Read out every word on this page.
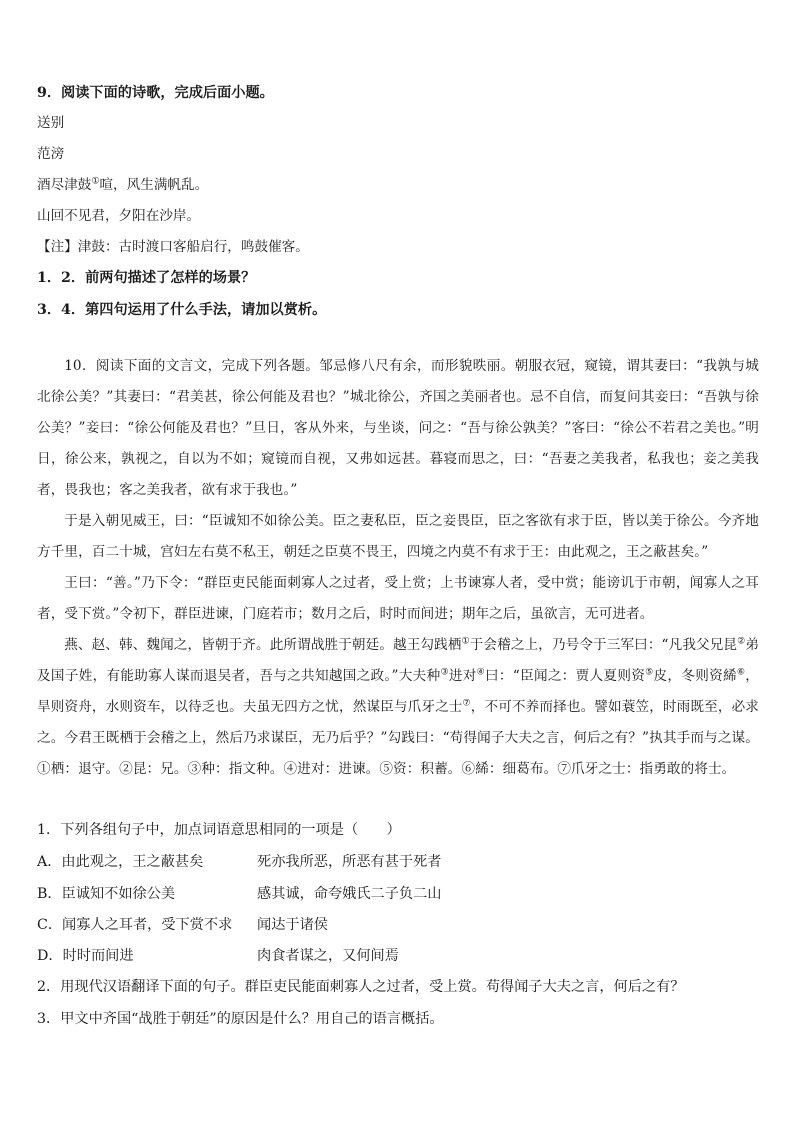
9．阅读下面的诗歌，完成后面小题。
送别
范滂
酒尽津鼓①喧，风生满帆乱。
山回不见君，夕阳在沙岸。
【注】津鼓：古时渡口客船启行，鸣鼓催客。
1．2．前两句描述了怎样的场景？
3．4．第四句运用了什么手法，请加以赏析。
10．阅读下面的文言文，完成下列各题。邹忌修八尺有余，而形貌昳丽。朝服衣冠，窥镜，谓其妻曰：“我孰与城北徐公美？”其妻曰：“君美甚，徐公何能及君也？”城北徐公，齐国之美丽者也。忌不自信，而复问其妾曰：“吾孰与徐公美？”妾曰：“徐公何能及君也？”旦日，客从外来，与坐谈，问之：“吾与徐公孰美？”客曰：“徐公不若君之美也。”明日，徐公来，孰视之，自以为不如；窥镜而自视，又弗如远甚。暮寝而思之，曰：“吾妻之美我者，私我也；妾之美我者，畏我也；客之美我者，欲有求于我也。”
于是入朝见威王，曰：“臣诚知不如徐公美。臣之妻私臣，臣之妾畏臣，臣之客欲有求于臣，皆以美于徐公。今齐地方千里，百二十城，宫妇左右莫不私王，朝廷之臣莫不畏王，四境之内莫不有求于王：由此观之，王之蔽甚矣。”
王曰：“善。”乃下令：“群臣吏民能面刺寡人之过者，受上赏；上书谏寡人者，受中赏；能谤讥于市朝，闻寡人之耳者，受下赏。”令初下，群臣进谏，门庭若市；数月之后，时时而间进；期年之后，虽欲言，无可进者。
燕、赵、韩、魏闻之，皆朝于齐。此所谓战胜于朝廷。越王勾践栖①于会稽之上，乃号令于三军曰：“凡我父兄昆②弟及国子姓，有能助寡人谋而退吴者，吾与之共知越国之政。”大夫种③进对④曰：“臣闻之：贾人夏则资⑤皮，冬则资絺⑥，旱则资舟，水则资车，以待乏也。夫虽无四方之忧，然谋臣与爪牙之士⑦，不可不养而择也。譬如蓑笠，时雨既至，必求之。今君王既栖于会稽之上，然后乃求谋臣，无乃后乎？”勾践曰：“苟得闻子大夫之言，何后之有？”执其手而与之谋。①栖：退守。②昆：兄。③种：指文种。④进对：进谏。⑤资：积蓄。⑥絺：细葛布。⑦爪牙之士：指勇敢的将士。
1．下列各组句子中，加点词语意思相同的一项是（　　）
A．由此观之，王之蔽甚矣	死亦我所恶，所恶有甚于死者
B．臣诚知不如徐公美	感其诚，命夸娥氏二子负二山
C．闻寡人之耳者，受下赏不求 闻达于诸侯
D．时时而间进	肉食者谋之，又何间焉
2．用现代汉语翻译下面的句子。群臣吏民能面刺寡人之过者，受上赏。苟得闻子大夫之言，何后之有？
3．甲文中齐国“战胜于朝廷”的原因是什么？用自己的语言概括。
